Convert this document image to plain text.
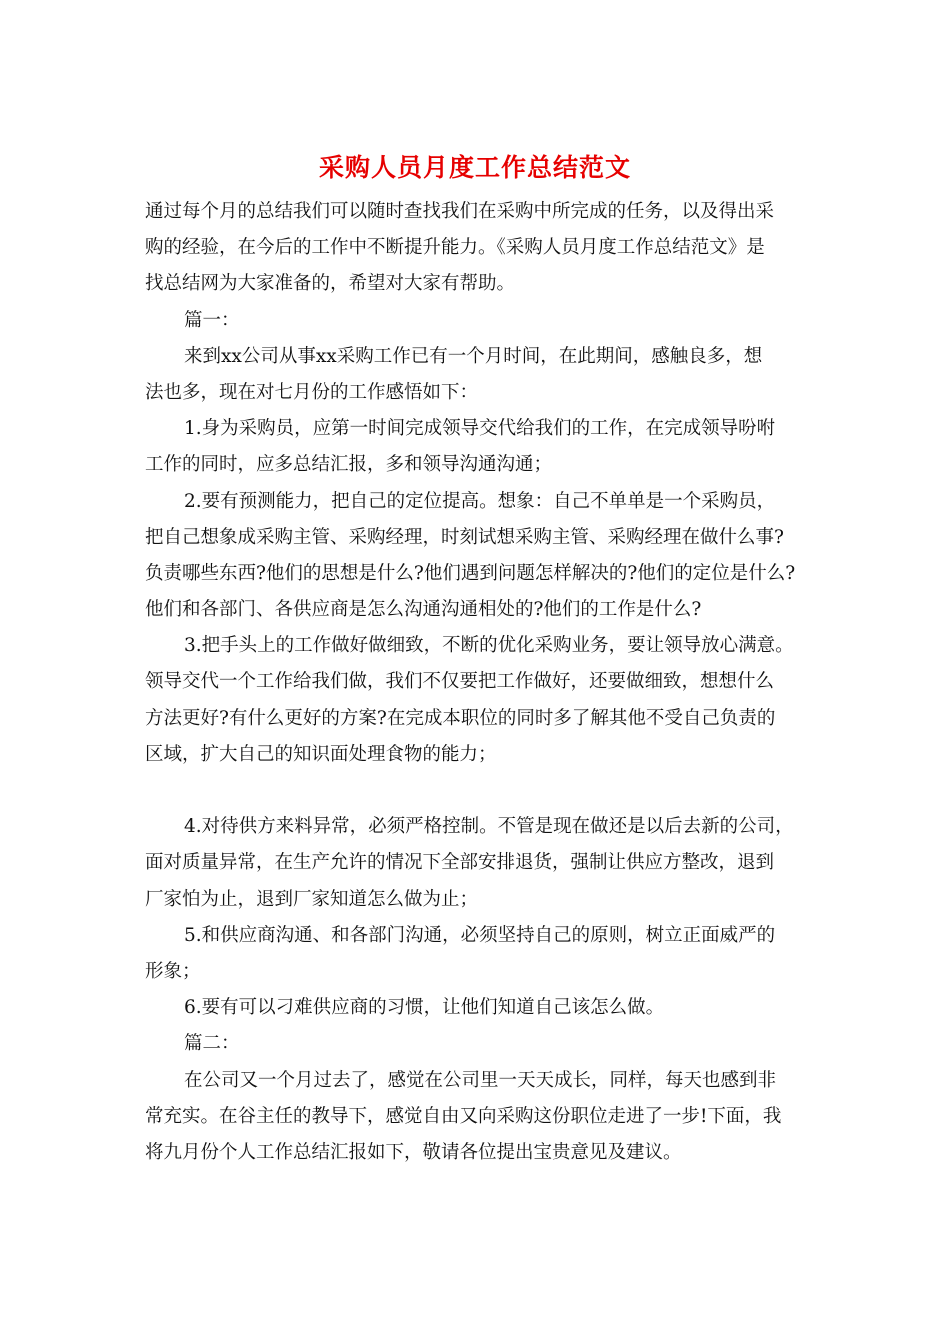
采购人员月度工作总结范文
通过每个月的总结我们可以随时查找我们在采购中所完成的任务，以及得出采
购的经验，在今后的工作中不断提升能力。《采购人员月度工作总结范文》是
找总结网为大家准备的，希望对大家有帮助。
篇一：
来到xx公司从事xx采购工作已有一个月时间，在此期间，感触良多，想
法也多，现在对七月份的工作感悟如下：
1.身为采购员，应第一时间完成领导交代给我们的工作，在完成领导吩咐
工作的同时，应多总结汇报，多和领导沟通沟通；
2.要有预测能力，把自己的定位提高。想象：自己不单单是一个采购员，
把自己想象成采购主管、采购经理，时刻试想采购主管、采购经理在做什么事?
负责哪些东西?他们的思想是什么?他们遇到问题怎样解决的?他们的定位是什么?
他们和各部门、各供应商是怎么沟通沟通相处的?他们的工作是什么?
3.把手头上的工作做好做细致，不断的优化采购业务，要让领导放心满意。
领导交代一个工作给我们做，我们不仅要把工作做好，还要做细致，想想什么
方法更好?有什么更好的方案?在完成本职位的同时多了解其他不受自己负责的
区域，扩大自己的知识面处理食物的能力；
4.对待供方来料异常，必须严格控制。不管是现在做还是以后去新的公司，
面对质量异常，在生产允许的情况下全部安排退货，强制让供应方整改，退到
厂家怕为止，退到厂家知道怎么做为止；
5.和供应商沟通、和各部门沟通，必须坚持自己的原则，树立正面威严的
形象；
6.要有可以刁难供应商的习惯，让他们知道自己该怎么做。
篇二：
在公司又一个月过去了，感觉在公司里一天天成长，同样，每天也感到非
常充实。在谷主任的教导下，感觉自由又向采购这份职位走进了一步!下面，我
将九月份个人工作总结汇报如下，敬请各位提出宝贵意见及建议。
